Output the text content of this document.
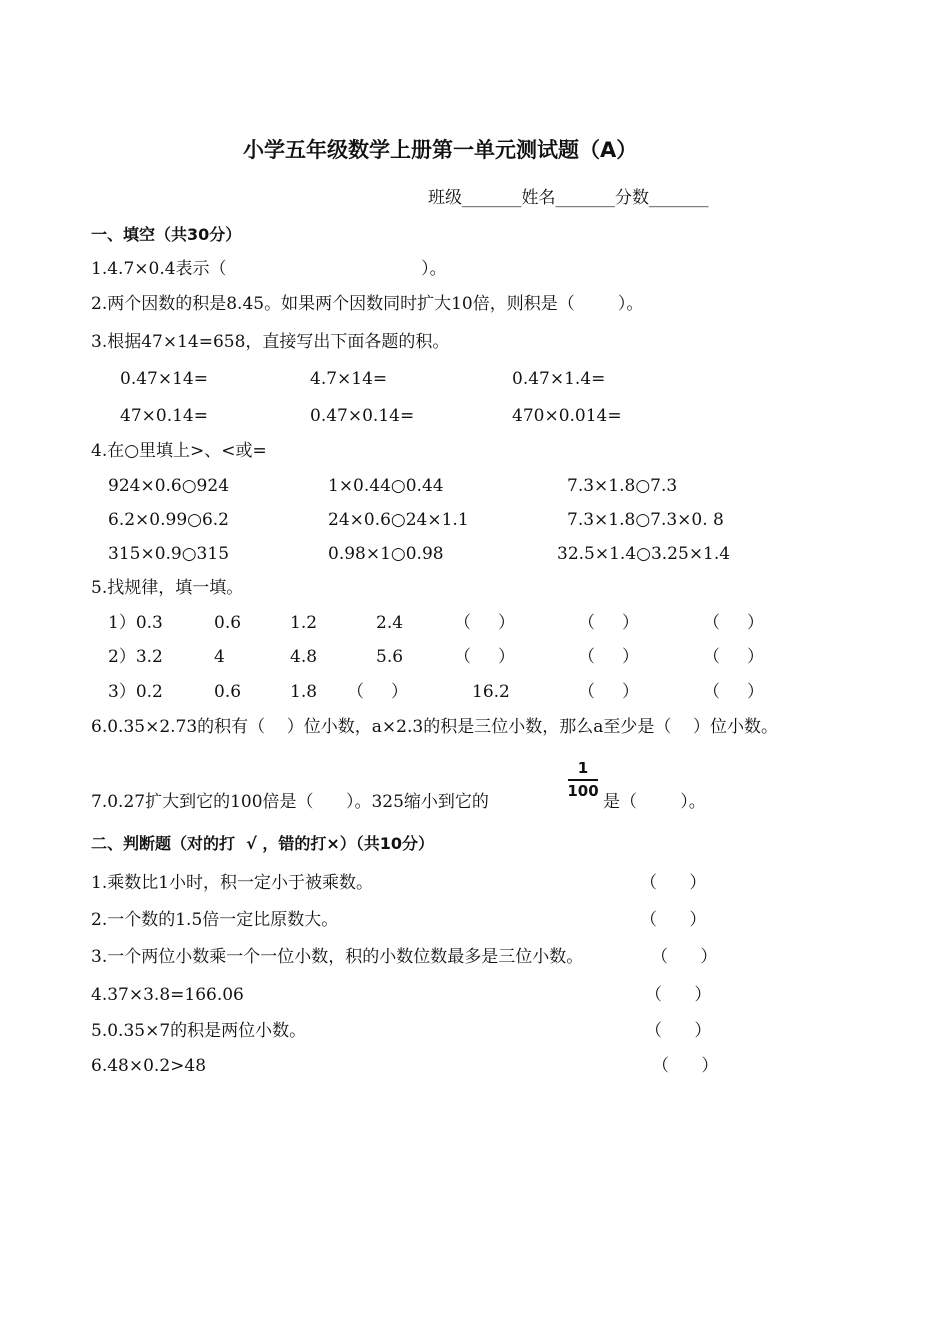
小学五年级数学上册第一单元测试题（A）
班级_______姓名_______分数_______
一、填空（共30分）
1.4.7×0.4表示（                                    ）。
2.两个因数的积是8.45。如果两个因数同时扩大10倍，则积是（        ）。
3.根据47×14=658，直接写出下面各题的积。
0.47×14=	4.7×14=	0.47×1.4=
47×0.14=	0.47×0.14=	470×0.014=
4.在○里填上>、<或=
924×0.6○924	1×0.44○0.44	7.3×1.8○7.3
6.2×0.99○6.2	24×0.6○24×1.1	7.3×1.8○7.3×0. 8
315×0.9○315	0.98×1○0.98	32.5×1.4○3.25×1.4
5.找规律，填一填。
1）0.3	0.6	1.2	2.4	（     ）	（     ）	（     ）
2）3.2	4	4.8	5.6	（     ）	（     ）	（     ）
3）0.2	0.6	1.8 （     ）	16.2	（     ）	（     ）
6.0.35×2.73的积有（    ）位小数，a×2.3的积是三位小数，那么a至少是（    ）位小数。
7.0.27扩大到它的100倍是（      ）。325缩小到它的
1
100
是（        ）。
二、判断题（对的打  √ ，错的打×）（共10分）
1.乘数比1小时，积一定小于被乘数。	（      ）
2.一个数的1.5倍一定比原数大。	（      ）
3.一个两位小数乘一个一位小数，积的小数位数最多是三位小数。	（      ）
4.37×3.8=166.06	（      ）
5.0.35×7的积是两位小数。	（      ）
6.48×0.2>48	（      ）
